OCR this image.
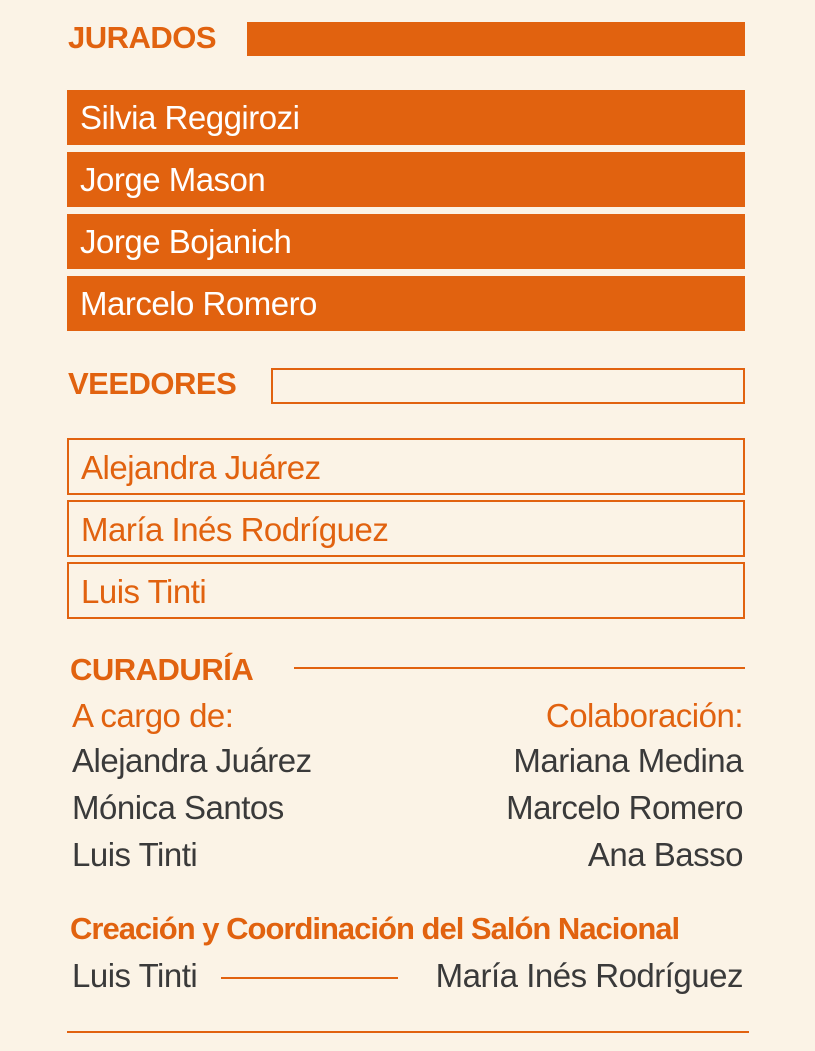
JURADOS
Silvia Reggirozi
Jorge Mason
Jorge Bojanich
Marcelo Romero
VEEDORES
Alejandra Juárez
María Inés Rodríguez
Luis Tinti
CURADURÍA
A cargo de:
Alejandra Juárez
Mónica Santos
Luis Tinti
Colaboración:
Mariana Medina
Marcelo Romero
Ana Basso
Creación y Coordinación del Salón Nacional
Luis Tinti	María Inés Rodríguez
